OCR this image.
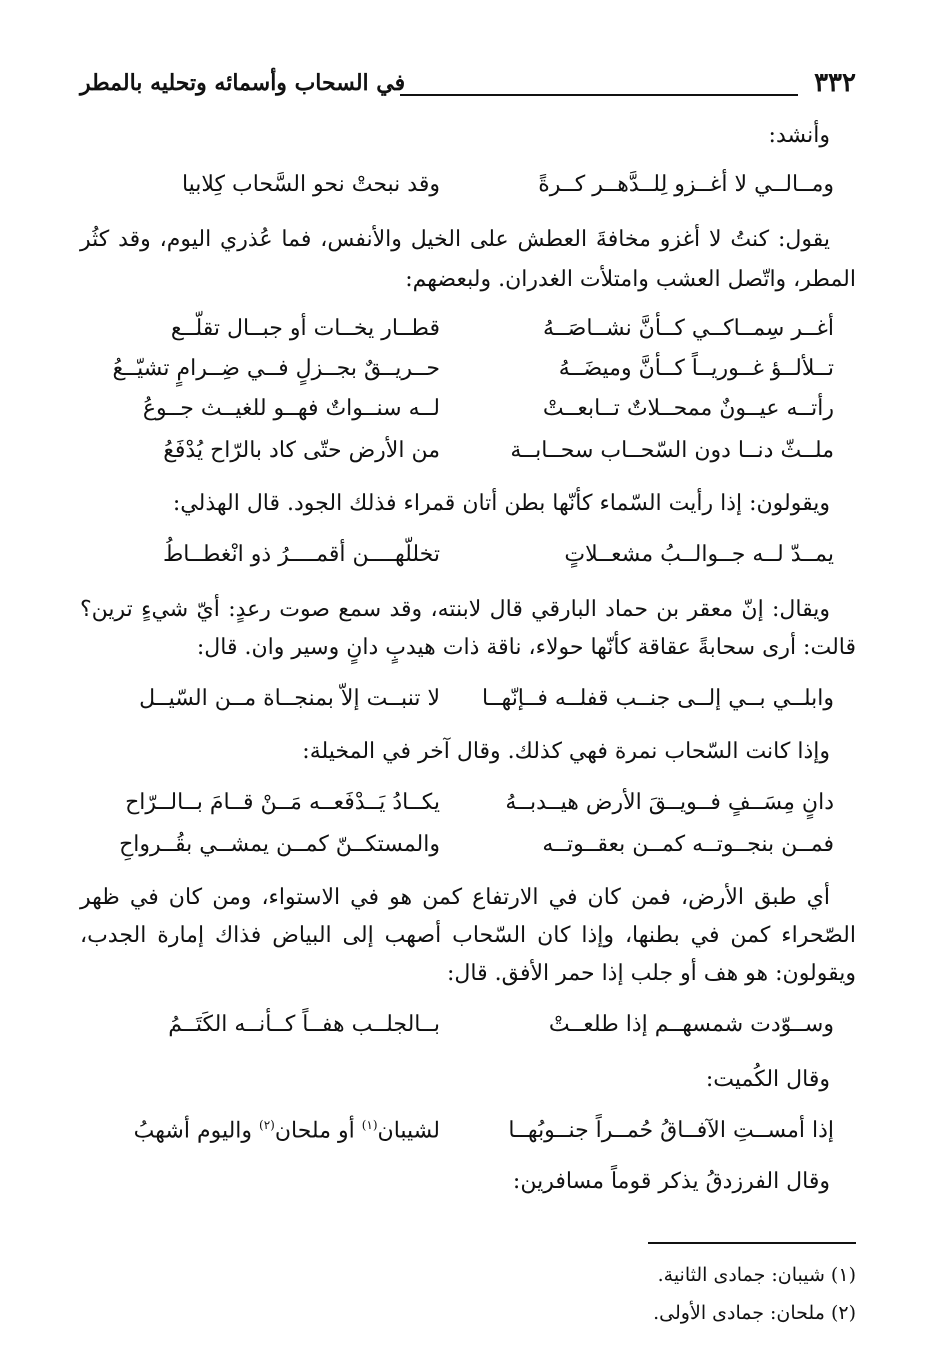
٣٣٢
في السحاب وأسمائه وتحليه بالمطر
وأنشد:
ومــالــي لا أغــزو لِلــدَّهــر كــرةً
وقد نبحتْ نحو السَّحاب كِلابيا
يقول: كنتُ لا أغزو مخافةَ العطش على الخيل والأنفس، فما عُذري اليوم، وقد كثُر
المطر، واتّصل العشب وامتلأت الغدران. ولبعضهم:
أغــر سِمــاكــي كــأنَّ نشــاصَــهُ
قطــار يخــات أو جبــال تقلّــع
تــلألــؤ غــوريــاً كــأنَّ وميضَــهُ
حــريــقٌ بجــزلٍ فــي ضِــرامٍ تشيّــعُ
رأتــه عيــونٌ ممحــلاتٌ تــابعــتْ
لــه سنــواتٌ فهــو للغيــث جــوعُ
ملــثّ دنــا دون السّحــاب سحــابــة
من الأرض حتّى كاد بالرّاح يُدْفَعُ
ويقولون: إذا رأيت السّماء كأنّها بطن أتان قمراء فذلك الجود. قال الهذلي:
يمــدّ لــه جــوالــبُ مشعــلاتٍ
تخللّهــــن أقمــــرُ ذو انْغطــاطُ
ويقال: إنّ معقر بن حماد البارقي قال لابنته، وقد سمع صوت رعدٍ: أيّ شيءٍ ترين؟
قالت: أرى سحابةً عقاقة كأنّها حولاء، ناقة ذات هيدبٍ دانٍ وسير وان. قال:
وابلــي بــي إلــى جنــب قفلــه فــإنّهــا
لا تنبــت إلاّ بمنجــاة مــن السّيــل
وإذا كانت السّحاب نمرة فهي كذلك. وقال آخر في المخيلة:
دانٍ مِسَــفٍ فــويــقَ الأرض هيــدبــهُ
يكــادُ يَــدْفَعــه مَــنْ قــامَ بــالــرّاح
فمــن بنجــوتــه كمــن بعقــوتــه
والمستكــنّ كمــن يمشــي بقُــرواحِ
أي طبق الأرض، فمن كان في الارتفاع كمن هو في الاستواء، ومن كان في ظهر
الصّحراء كمن في بطنها، وإذا كان السّحاب أصهب إلى البياض فذاك إمارة الجدب،
ويقولون: هو هف أو جلب إذا حمر الأفق. قال:
وســوّدت شمسهــم إذا طلعــتْ
بــالجلــب هفــاً كــأنــه الكَتَــمُ
وقال الكُميت:
إذا أمســتِ الآفــاقُ حُمــراً جنــوبُهــا
لشيبان$^{(١)}$ أو ملحان$^{(٢)}$ واليوم أشهبُ
وقال الفرزدقُ يذكر قوماً مسافرين:
(١) شيبان: جمادى الثانية.
(٢) ملحان: جمادى الأولى.
